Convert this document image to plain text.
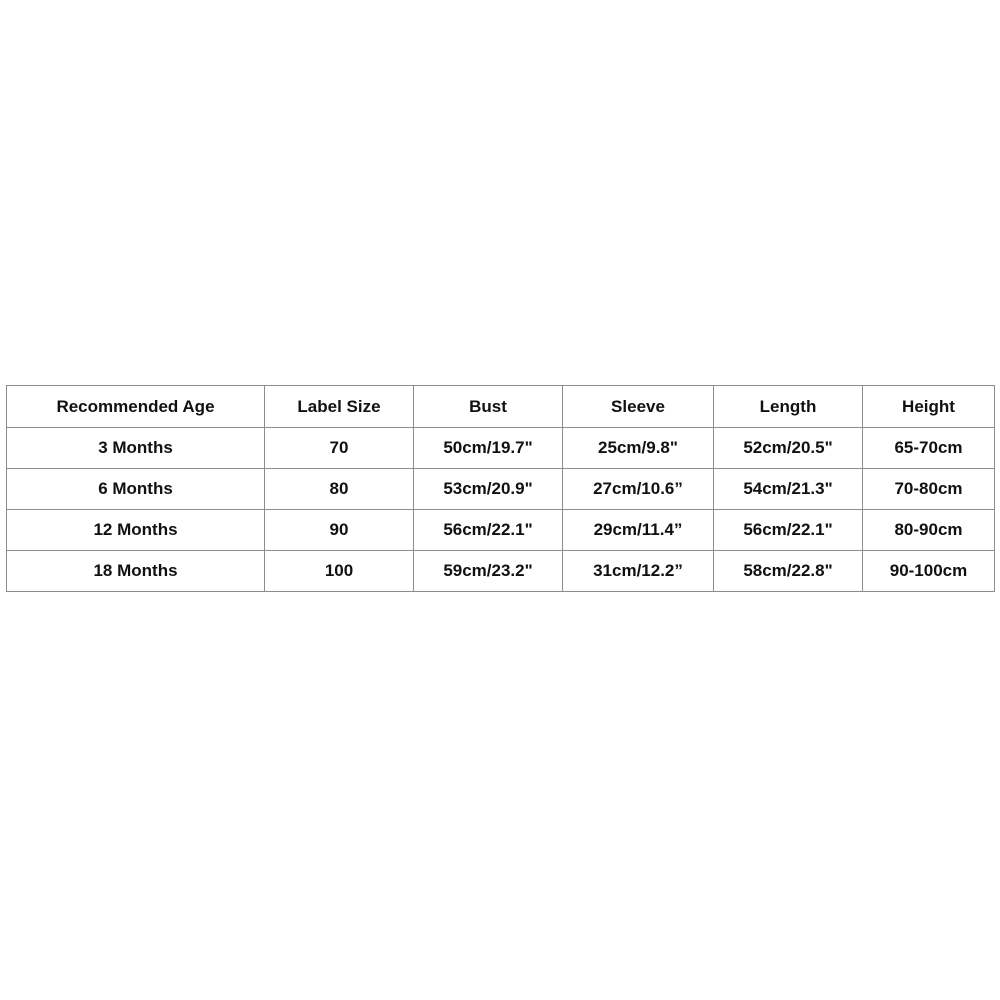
Recommended Age	Label Size	Bust	Sleeve	Length	Height
3 Months	70	50cm/19.7"	25cm/9.8"	52cm/20.5"	65-70cm
6 Months	80	53cm/20.9"	27cm/10.6”	54cm/21.3"	70-80cm
12 Months	90	56cm/22.1"	29cm/11.4”	56cm/22.1"	80-90cm
18 Months	100	59cm/23.2"	31cm/12.2”	58cm/22.8"	90-100cm
